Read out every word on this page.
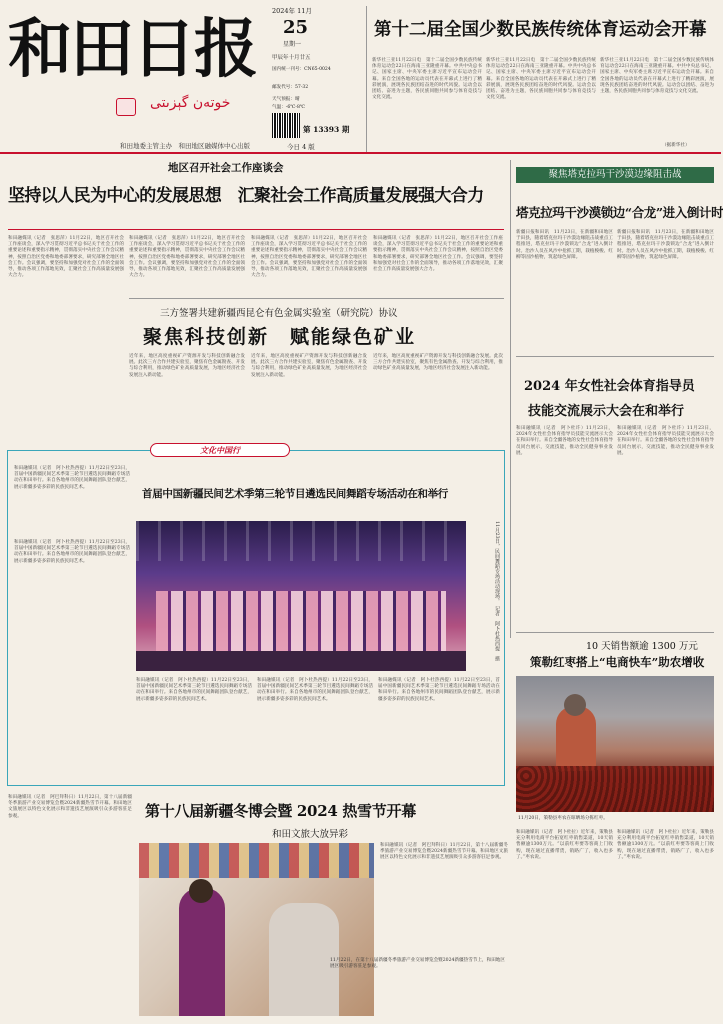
和田日报
خوتەن گېزىتى
和田地委主管主办　和田地区融媒体中心出版
2024年 11月
25
星期一
甲辰年十月廿五
国内统一刊号：CN65-0024
邮发代号：57-32
天气预报：晴
气温：-6℃-8℃
第 13393 期
今日 4 版
第十二届全国少数民族传统体育运动会开幕
新华社三亚11月22日电　第十二届全国少数民族传统体育运动会22日在海南三亚隆重开幕。中共中央总书记、国家主席、中央军委主席习近平宣布运动会开幕。来自全国各地的运动员代表在开幕式上进行了精彩展演，展现各民族团结奋进的时代风貌。运动会以团结、奋进为主题，各民族同胞共同参与体育竞技与文化交流。
新华社三亚11月22日电　第十二届全国少数民族传统体育运动会22日在海南三亚隆重开幕。中共中央总书记、国家主席、中央军委主席习近平宣布运动会开幕。来自全国各地的运动员代表在开幕式上进行了精彩展演，展现各民族团结奋进的时代风貌。运动会以团结、奋进为主题，各民族同胞共同参与体育竞技与文化交流。
新华社三亚11月22日电　第十二届全国少数民族传统体育运动会22日在海南三亚隆重开幕。中共中央总书记、国家主席、中央军委主席习近平宣布运动会开幕。来自全国各地的运动员代表在开幕式上进行了精彩展演，展现各民族团结奋进的时代风貌。运动会以团结、奋进为主题，各民族同胞共同参与体育竞技与文化交流。
（据新华社）
地区召开社会工作座谈会
坚持以人民为中心的发展思想　汇聚社会工作高质量发展强大合力
和田融媒讯（记者　张思萍）11月22日，地区召开社会工作座谈会，深入学习贯彻习近平总书记关于社会工作的重要论述和重要指示精神，贯彻落实中央社会工作会议精神，按照自治区党委和地委部署要求，研究部署全地区社会工作。会议强调，要坚持和加强党对社会工作的全面领导，推动各项工作落地见效，汇聚社会工作高质量发展强大合力。
和田融媒讯（记者　张思萍）11月22日，地区召开社会工作座谈会，深入学习贯彻习近平总书记关于社会工作的重要论述和重要指示精神，贯彻落实中央社会工作会议精神，按照自治区党委和地委部署要求，研究部署全地区社会工作。会议强调，要坚持和加强党对社会工作的全面领导，推动各项工作落地见效，汇聚社会工作高质量发展强大合力。
和田融媒讯（记者　张思萍）11月22日，地区召开社会工作座谈会，深入学习贯彻习近平总书记关于社会工作的重要论述和重要指示精神，贯彻落实中央社会工作会议精神，按照自治区党委和地委部署要求，研究部署全地区社会工作。会议强调，要坚持和加强党对社会工作的全面领导，推动各项工作落地见效，汇聚社会工作高质量发展强大合力。
和田融媒讯（记者　张思萍）11月22日，地区召开社会工作座谈会，深入学习贯彻习近平总书记关于社会工作的重要论述和重要指示精神，贯彻落实中央社会工作会议精神，按照自治区党委和地委部署要求，研究部署全地区社会工作。会议强调，要坚持和加强党对社会工作的全面领导，推动各项工作落地见效，汇聚社会工作高质量发展强大合力。
聚焦塔克拉玛干沙漠边缘阻击战
塔克拉玛干沙漠锁边“合龙”进入倒计时
新疆日报和田讯　11月23日，在新疆和田地区于田县，随着塔克拉玛干沙漠边缘阻击战重点工程推进，塔克拉玛干沙漠锁边“合龙”进入倒计时。治沙人员在风沙中抢抓工期，栽植梭梭、红柳等固沙植物，筑起绿色屏障。
新疆日报和田讯　11月23日，在新疆和田地区于田县，随着塔克拉玛干沙漠边缘阻击战重点工程推进，塔克拉玛干沙漠锁边“合龙”进入倒计时。治沙人员在风沙中抢抓工期，栽植梭梭、红柳等固沙植物，筑起绿色屏障。
三方签署共建新疆西昆仑有色金属实验室（研究院）协议
聚焦科技创新　赋能绿色矿业
近年来，地区高度重视矿产资源开发与科技创新融合发展。此次三方合作共建实验室，聚焦有色金属勘查、开发与综合利用，推动绿色矿业高质量发展，为地区经济社会发展注入新动能。
近年来，地区高度重视矿产资源开发与科技创新融合发展。此次三方合作共建实验室，聚焦有色金属勘查、开发与综合利用，推动绿色矿业高质量发展，为地区经济社会发展注入新动能。
近年来，地区高度重视矿产资源开发与科技创新融合发展。此次三方合作共建实验室，聚焦有色金属勘查、开发与综合利用，推动绿色矿业高质量发展，为地区经济社会发展注入新动能。
2024 年女性社会体育指导员
技能交流展示大会在和举行
和田融媒讯（记者　阿卜杜许）11月23日，2024年女性社会体育指导员技能交流展示大会在和田举行。来自全疆各地的女性社会体育指导员同台展示，交流技能，推动全民健身事业发展。
和田融媒讯（记者　阿卜杜许）11月23日，2024年女性社会体育指导员技能交流展示大会在和田举行。来自全疆各地的女性社会体育指导员同台展示，交流技能，推动全民健身事业发展。
文化中国行
和田融媒讯（记者　阿卜杜热西提）11月22日至23日，首届中国新疆民间艺术季第三轮节目遴选民间舞蹈专场活动在和田举行。来自各地州市的民间舞蹈团队登台献艺，展示新疆多姿多彩的民族民间艺术。
首届中国新疆民间艺术季第三轮节目遴选民间舞蹈专场活动在和举行
和田融媒讯（记者　阿卜杜热西提）11月22日至23日，首届中国新疆民间艺术季第三轮节目遴选民间舞蹈专场活动在和田举行。来自各地州市的民间舞蹈团队登台献艺，展示新疆多姿多彩的民族民间艺术。	11月23日，民间舞蹈专场活动现场。　记者　阿卜杜热西提　摄
和田融媒讯（记者　阿卜杜热西提）11月22日至23日，首届中国新疆民间艺术季第三轮节目遴选民间舞蹈专场活动在和田举行。来自各地州市的民间舞蹈团队登台献艺，展示新疆多姿多彩的民族民间艺术。
和田融媒讯（记者　阿卜杜热西提）11月22日至23日，首届中国新疆民间艺术季第三轮节目遴选民间舞蹈专场活动在和田举行。来自各地州市的民间舞蹈团队登台献艺，展示新疆多姿多彩的民族民间艺术。
和田融媒讯（记者　阿卜杜热西提）11月22日至23日，首届中国新疆民间艺术季第三轮节目遴选民间舞蹈专场活动在和田举行。来自各地州市的民间舞蹈团队登台献艺，展示新疆多姿多彩的民族民间艺术。
10 天销售额逾 1300 万元
策勒红枣搭上“电商快车”助农增收
11月20日，策勒县枣农在晾晒场分拣红枣。
和田融媒讯（记者　阿卜杜拉）近年来，策勒县充分利用电商平台拓宽红枣销售渠道，10天销售额逾1300万元。“以前红枣要等客商上门收购，现在通过直播带货，销路广了，收入也多了。”枣农说。
和田融媒讯（记者　阿卜杜拉）近年来，策勒县充分利用电商平台拓宽红枣销售渠道，10天销售额逾1300万元。“以前红枣要等客商上门收购，现在通过直播带货，销路广了，收入也多了。”枣农说。
和田融媒讯（记者　阿巴拜科日）11月22日，第十八届新疆冬季旅游产业交易博览会暨2024新疆热雪节开幕。和田地区文旅展区以特色文化展示和非遗技艺展演吸引众多游客驻足参观。	第十八届新疆冬博会暨 2024 热雪节开幕
和田文旅大放异彩
和田融媒讯（记者　阿巴拜科日）11月22日，第十八届新疆冬季旅游产业交易博览会暨2024新疆热雪节开幕。和田地区文旅展区以特色文化展示和非遗技艺展演吸引众多游客驻足参观。
11月22日，在第十八届新疆冬季旅游产业交易博览会暨2024新疆热雪节上，和田地区展区吸引游客驻足参观。
